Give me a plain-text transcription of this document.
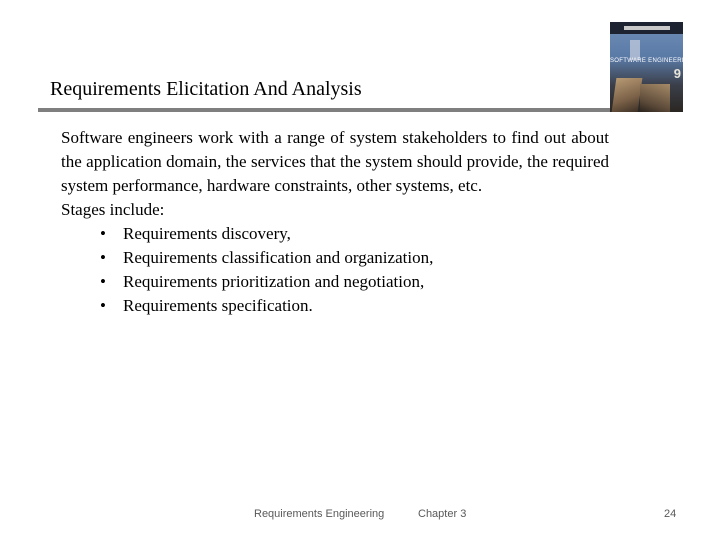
Requirements Elicitation And Analysis
SOFTWARE ENGINEERING
9

Software engineers work with a range of system stakeholders to find out about the application domain, the services that the system should provide, the required system performance, hardware constraints, other systems, etc.

Stages include:

• Requirements discovery,
• Requirements classification and organization,
• Requirements prioritization and negotiation,
• Requirements specification.
Requirements Engineering	Chapter 3	24
